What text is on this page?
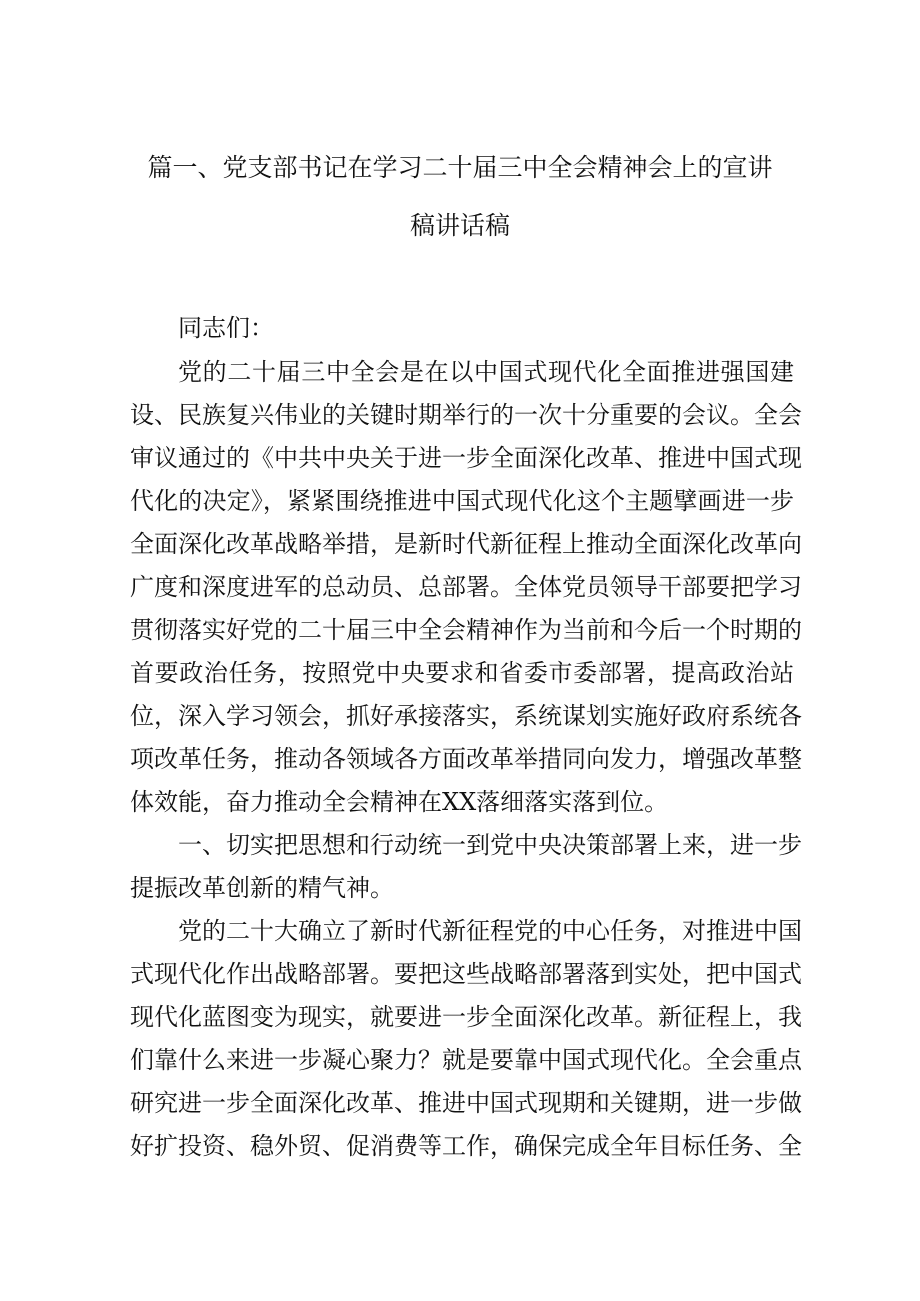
篇一、党支部书记在学习二十届三中全会精神会上的宣讲
稿讲话稿
同志们：
党的二十届三中全会是在以中国式现代化全面推进强国建
设、民族复兴伟业的关键时期举行的一次十分重要的会议。全会
审议通过的《中共中央关于进一步全面深化改革、推进中国式现
代化的决定》，紧紧围绕推进中国式现代化这个主题擘画进一步
全面深化改革战略举措，是新时代新征程上推动全面深化改革向
广度和深度进军的总动员、总部署。全体党员领导干部要把学习
贯彻落实好党的二十届三中全会精神作为当前和今后一个时期的
首要政治任务，按照党中央要求和省委市委部署，提高政治站
位，深入学习领会，抓好承接落实，系统谋划实施好政府系统各
项改革任务，推动各领域各方面改革举措同向发力，增强改革整
体效能，奋力推动全会精神在XX落细落实落到位。
一、切实把思想和行动统一到党中央决策部署上来，进一步
提振改革创新的精气神。
党的二十大确立了新时代新征程党的中心任务，对推进中国
式现代化作出战略部署。要把这些战略部署落到实处，把中国式
现代化蓝图变为现实，就要进一步全面深化改革。新征程上，我
们靠什么来进一步凝心聚力？就是要靠中国式现代化。全会重点
研究进一步全面深化改革、推进中国式现期和关键期，进一步做
好扩投资、稳外贸、促消费等工作，确保完成全年目标任务、全
